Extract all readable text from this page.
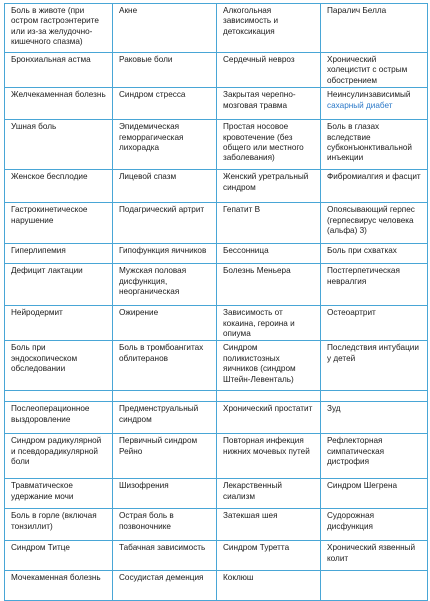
Боль в животе (при остром гастроэнтерите или из-за желудочно-кишечного спазма)	Акне	Алкогольная зависимость и детоксикация	Паралич Белла
Бронхиальная астма	Раковые боли	Сердечный невроз	Хронический холецистит с острым обострением
Желчекаменная болезнь	Синдром стресса	Закрытая черепно-мозговая травма	Неинсулинзависимый сахарный диабет
Ушная боль	Эпидемическая геморрагическая лихорадка	Простая носовое кровотечение (без общего или местного заболевания)	Боль в глазах вследствие субконъюнктивальной инъекции
Женское бесплодие	Лицевой спазм	Женский уретральный синдром	Фибромиалгия и фасцит
Гастрокинетическое нарушение	Подагрический артрит	Гепатит В	Опоясывающий герпес (герпесвирус человека (альфа) 3)
Гиперлипемия	Гипофункция яичников	Бессонница	Боль при схватках
Дефицит лактации	Мужская половая дисфункция, неорганическая	Болезнь Меньера	Постгерпетическая невралгия
Нейродермит	Ожирение	Зависимость от кокаина, героина и опиума	Остеоартрит
Боль при эндоскопическом обследовании	Боль в тромбоангитах облитеранов	Синдром поликистозных яичников (синдром Штейн-Левенталь)	Последствия интубации у детей

Послеоперационное выздоровление	Предменструальный синдром	Хронический простатит	Зуд
Синдром радикулярной и псевдорадикулярной боли	Первичный синдром Рейно	Повторная инфекция нижних мочевых путей	Рефлекторная симпатическая дистрофия
Травматическое удержание мочи	Шизофрения	Лекарственный сиализм	Синдром Шегрена
Боль в горле (включая тонзиллит)	Острая боль в позвоночнике	Затекшая шея	Судорожная дисфункция
Синдром Титце	Табачная зависимость	Синдром Туретта	Хронический язвенный колит
Мочекаменная болезнь	Сосудистая деменция	Коклюш	
